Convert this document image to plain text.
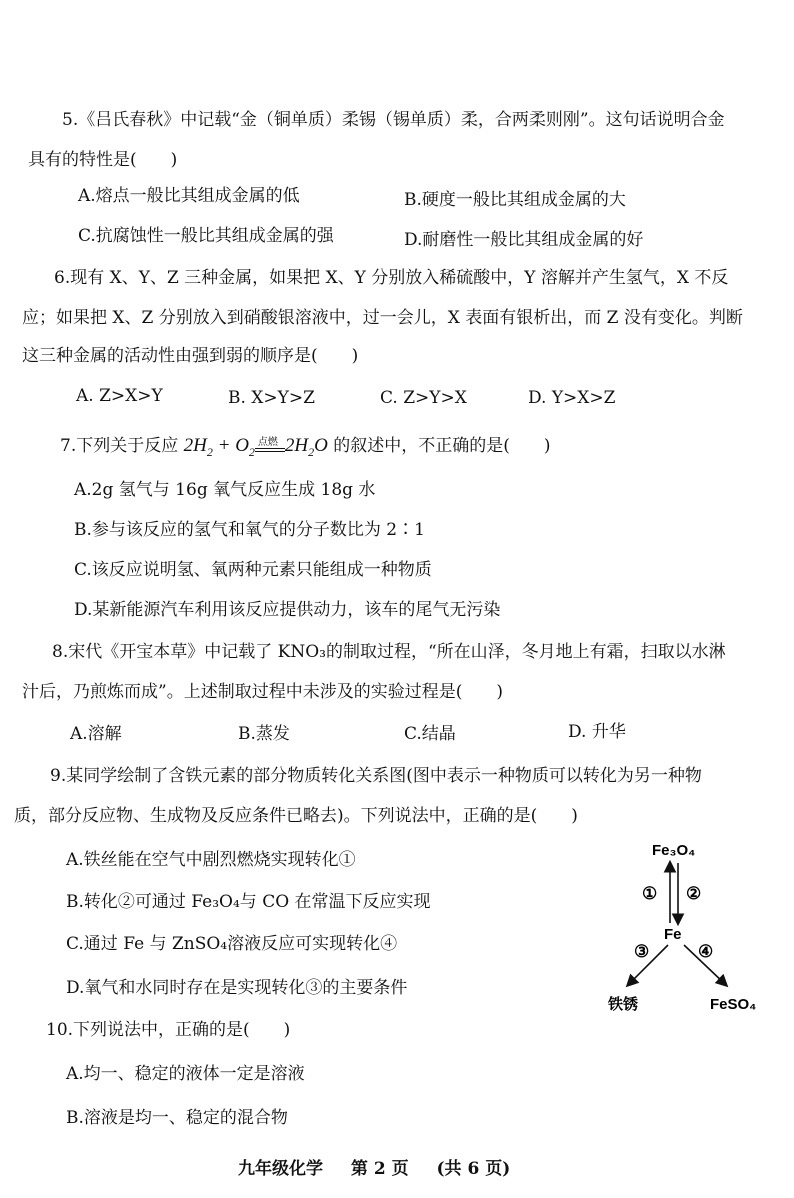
5.《吕氏春秋》中记载“金（铜单质）柔锡（锡单质）柔，合两柔则刚”。这句话说明合金
具有的特性是(　　)
A.熔点一般比其组成金属的低	B.硬度一般比其组成金属的大
C.抗腐蚀性一般比其组成金属的强	D.耐磨性一般比其组成金属的好
6.现有 X、Y、Z 三种金属，如果把 X、Y 分别放入稀硫酸中，Y 溶解并产生氢气，X 不反
应；如果把 X、Z 分别放入到硝酸银溶液中，过一会儿，X 表面有银析出，而 Z 没有变化。判断
这三种金属的活动性由强到弱的顺序是(　　)
A. Z>X>Y	B. X>Y>Z	C. Z>Y>X	D. Y>X>Z
7.下列关于反应 $2H_2 + O_2$
点燃 $2H_2O$ 的叙述中，不正确的是(　　)
A.2g 氢气与 16g 氧气反应生成 18g 水
B.参与该反应的氢气和氧气的分子数比为 2∶1
C.该反应说明氢、氧两种元素只能组成一种物质
D.某新能源汽车利用该反应提供动力，该车的尾气无污染
8.宋代《开宝本草》中记载了 KNO₃的制取过程，“所在山泽，冬月地上有霜，扫取以水淋
汁后，乃煎炼而成”。上述制取过程中未涉及的实验过程是(　　)
A.溶解	B.蒸发	C.结晶	D. 升华
9.某同学绘制了含铁元素的部分物质转化关系图(图中表示一种物质可以转化为另一种物
质，部分反应物、生成物及反应条件已略去)。下列说法中，正确的是(　　)
A.铁丝能在空气中剧烈燃烧实现转化①
B.转化②可通过 Fe₃O₄与 CO 在常温下反应实现
C.通过 Fe 与 ZnSO₄溶液反应可实现转化④
D.氧气和水同时存在是实现转化③的主要条件
Fe₃O₄
① ②
Fe
③	④
铁锈	FeSO₄
10.下列说法中，正确的是(　　)
A.均一、稳定的液体一定是溶液
B.溶液是均一、稳定的混合物
九年级化学 第 2 页 (共 6 页)
